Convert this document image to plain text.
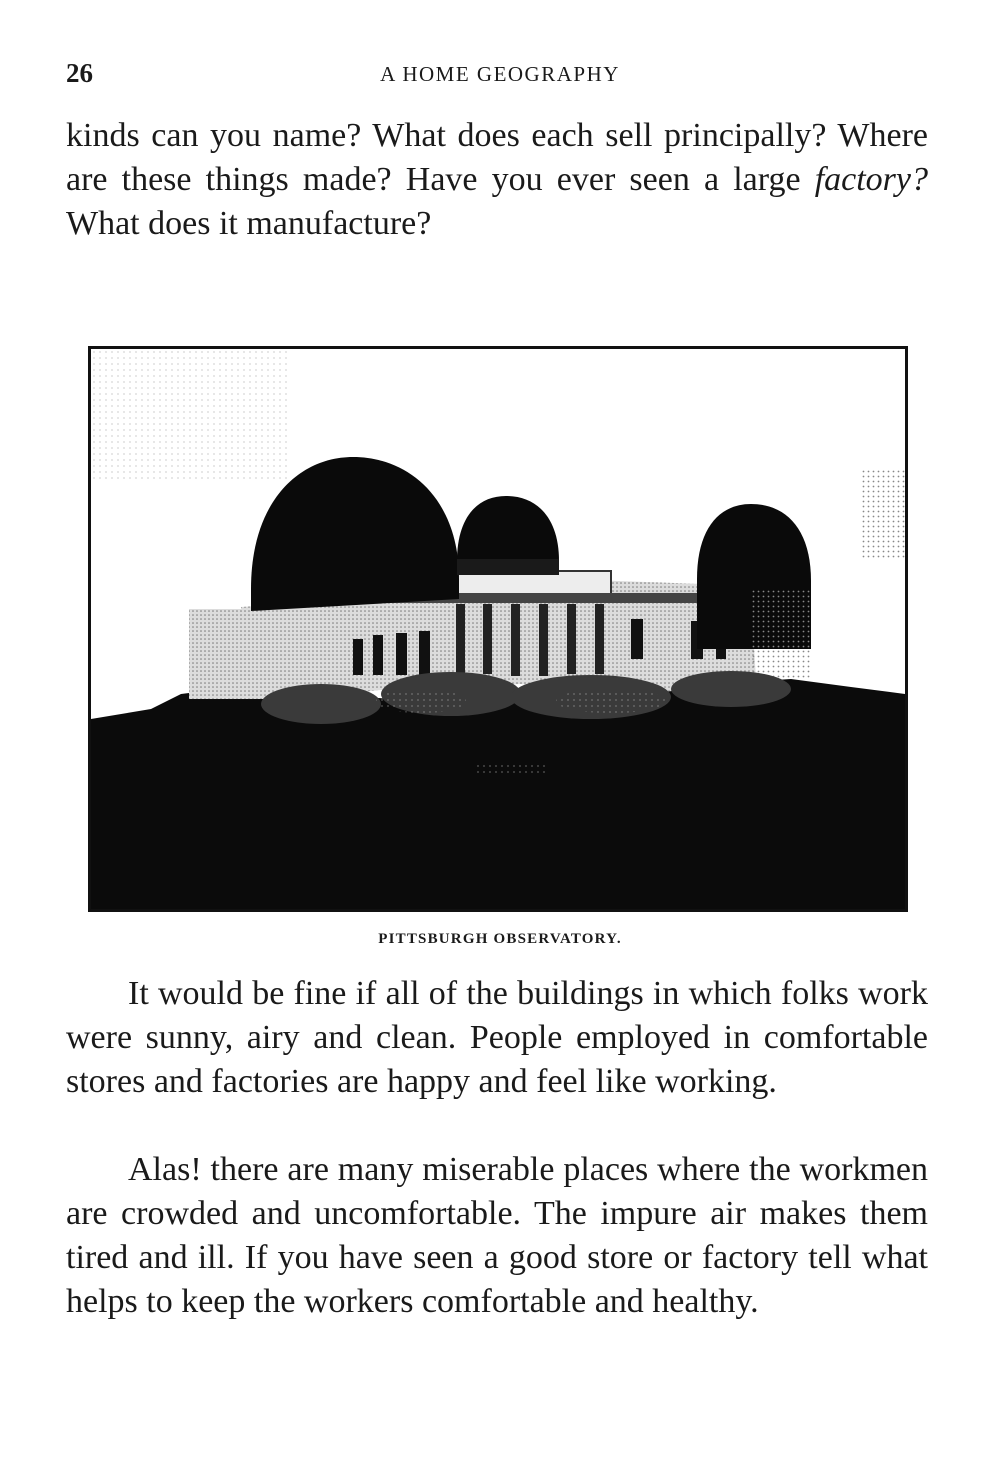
26	A HOME GEOGRAPHY

kinds can you name? What does each sell principally? Where are these things made? Have you ever seen a large factory? What does it manufacture?

PITTSBURGH OBSERVATORY.

It would be fine if all of the buildings in which folks work were sunny, airy and clean. People employed in comfortable stores and factories are happy and feel like working.

Alas! there are many miserable places where the workmen are crowded and uncomfortable. The impure air makes them tired and ill. If you have seen a good store or factory tell what helps to keep the workers comfortable and healthy.
